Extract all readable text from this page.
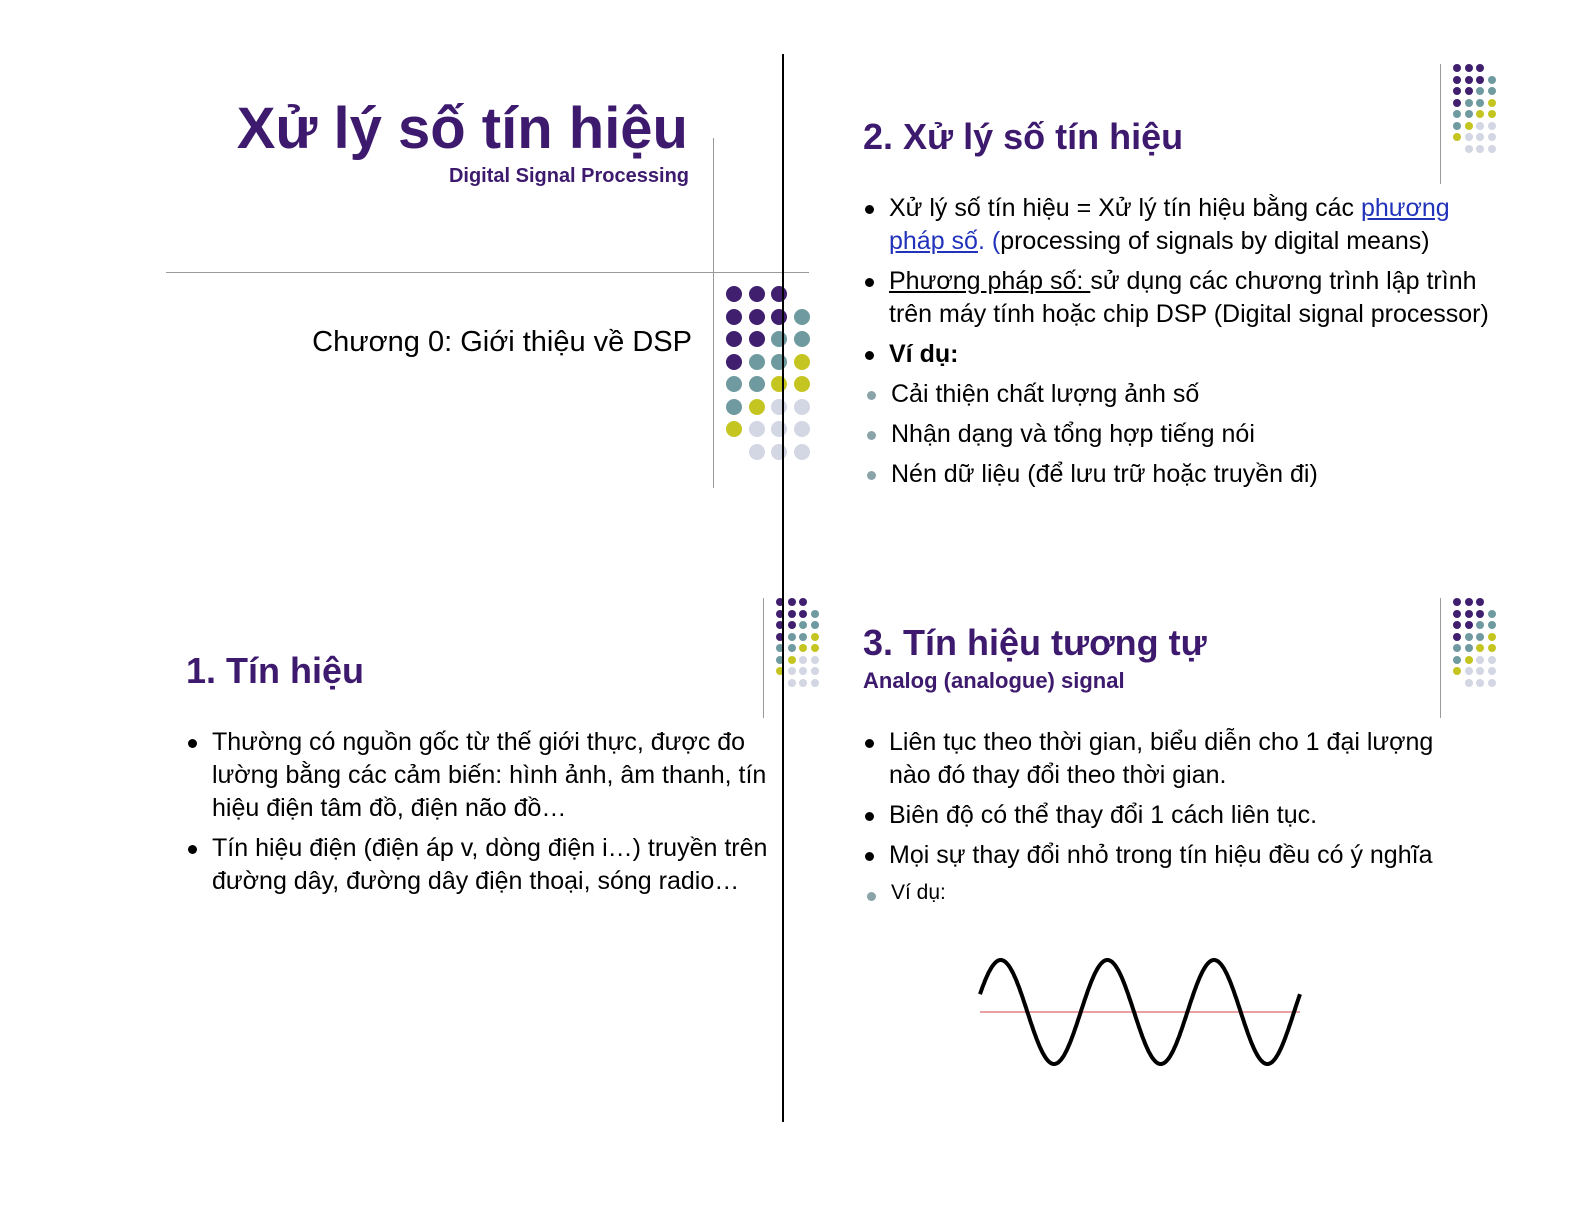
Xử lý số tín hiệu
Digital Signal Processing
Chương 0: Giới thiệu về DSP
2. Xử lý số tín hiệu
Xử lý số tín hiệu = Xử lý tín hiệu bằng các phương pháp số. (processing of signals by digital means)
Phương pháp số: sử dụng các chương trình lập trình trên máy tính hoặc chip DSP (Digital signal processor)
Ví dụ:
Cải thiện chất lượng ảnh số
Nhận dạng và tổng hợp tiếng nói
Nén dữ liệu (để lưu trữ hoặc truyền đi)
1. Tín hiệu
Thường có nguồn gốc từ thế giới thực, được đo lường bằng các cảm biến: hình ảnh, âm thanh, tín hiệu điện tâm đồ, điện não đồ…
Tín hiệu điện (điện áp v, dòng điện i…) truyền trên đường dây, đường dây điện thoại, sóng radio…
3. Tín hiệu tương tự
Analog (analogue) signal
Liên tục theo thời gian, biểu diễn cho 1 đại lượng nào đó thay đổi theo thời gian.
Biên độ có thể thay đổi 1 cách liên tục.
Mọi sự thay đổi nhỏ trong tín hiệu đều có ý nghĩa
Ví dụ:
